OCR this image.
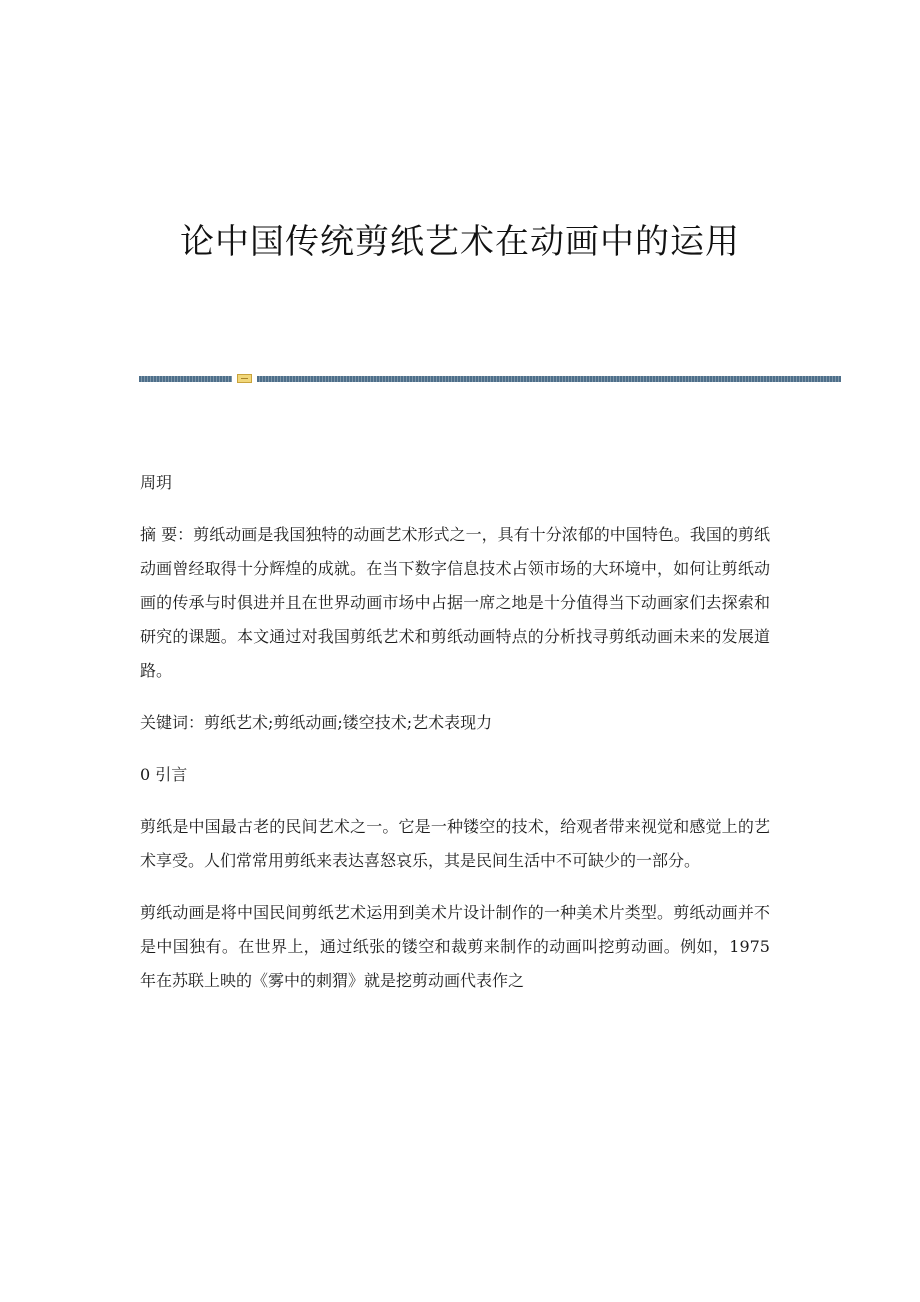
论中国传统剪纸艺术在动画中的运用

周玥

摘 要：剪纸动画是我国独特的动画艺术形式之一，具有十分浓郁的中国特色。我国的剪纸动画曾经取得十分辉煌的成就。在当下数字信息技术占领市场的大环境中，如何让剪纸动画的传承与时俱进并且在世界动画市场中占据一席之地是十分值得当下动画家们去探索和研究的课题。本文通过对我国剪纸艺术和剪纸动画特点的分析找寻剪纸动画未来的发展道路。

关键词：剪纸艺术;剪纸动画;镂空技术;艺术表现力

0 引言

剪纸是中国最古老的民间艺术之一。它是一种镂空的技术，给观者带来视觉和感觉上的艺术享受。人们常常用剪纸来表达喜怒哀乐，其是民间生活中不可缺少的一部分。

剪纸动画是将中国民间剪纸艺术运用到美术片设计制作的一种美术片类型。剪纸动画并不是中国独有。在世界上，通过纸张的镂空和裁剪来制作的动画叫挖剪动画。例如，1975 年在苏联上映的《雾中的刺猬》就是挖剪动画代表作之
